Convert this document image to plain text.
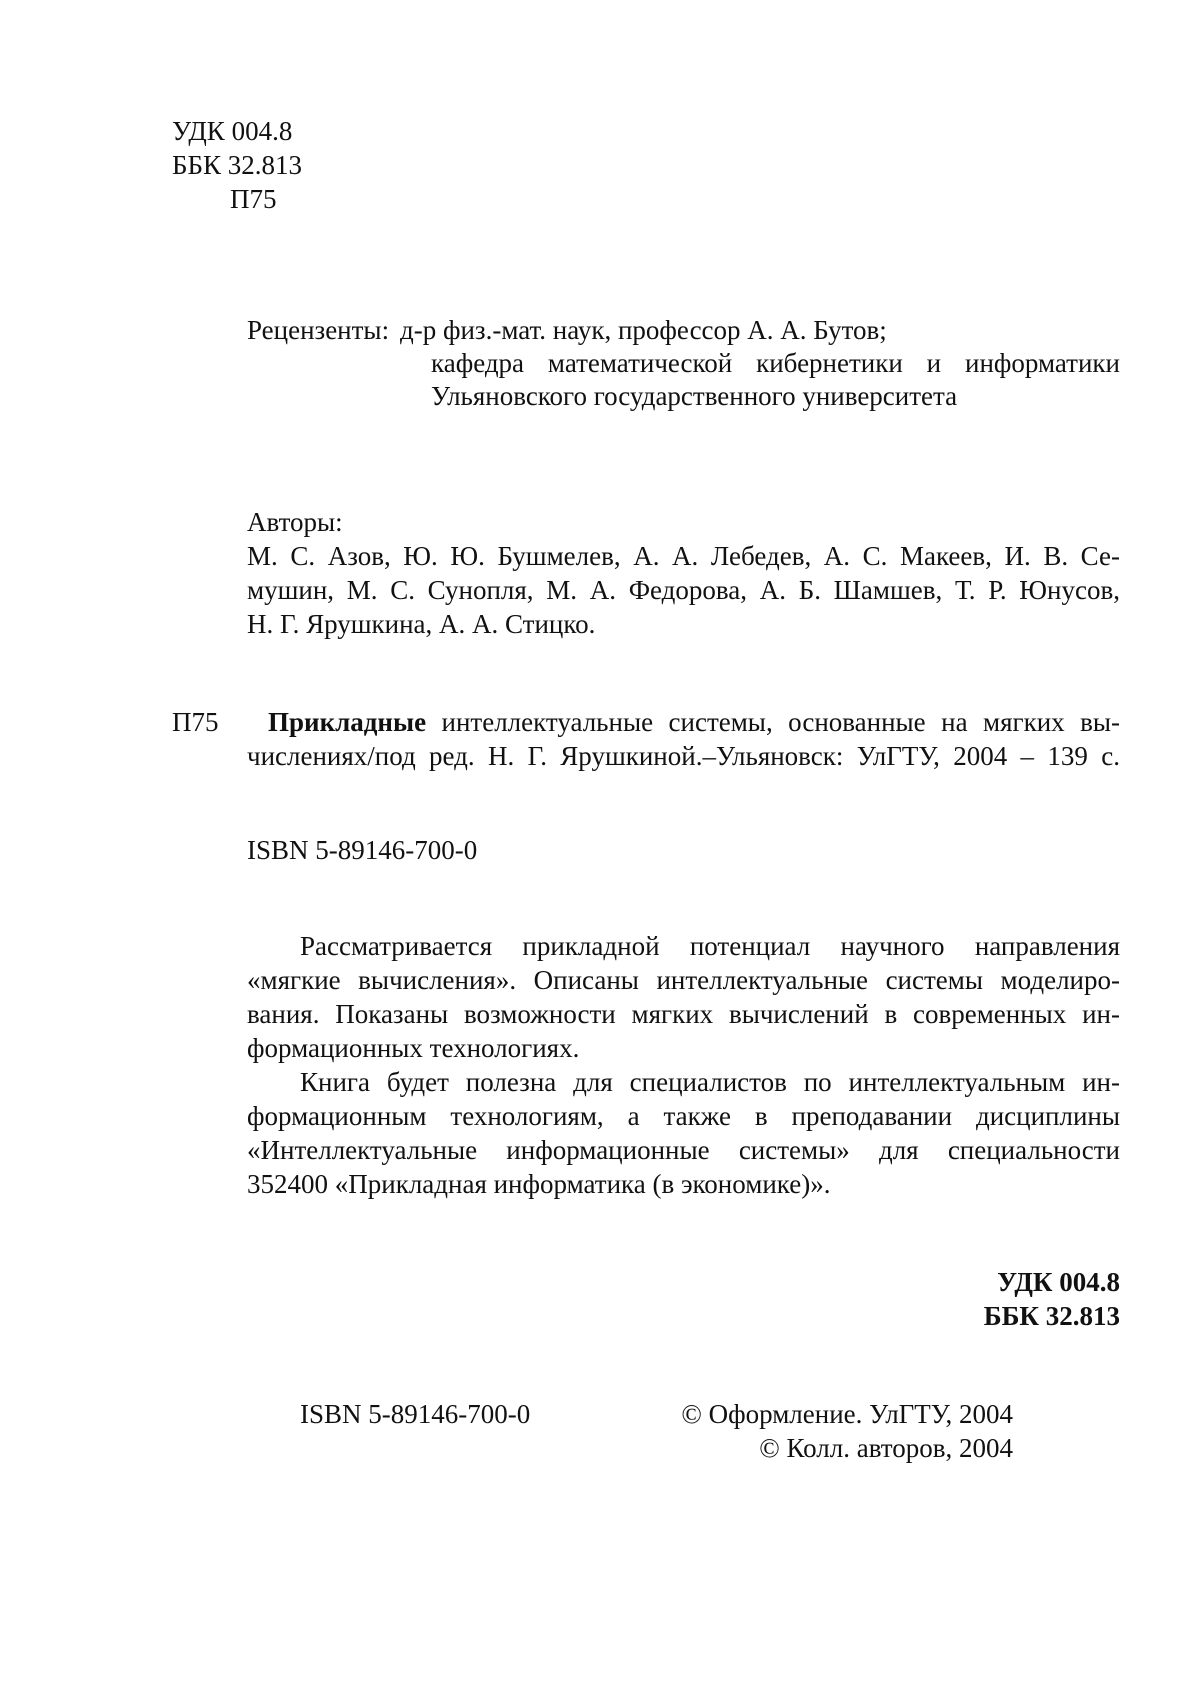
УДК 004.8
ББК 32.813
П75
Рецензенты: д-р физ.-мат. наук, профессор А. А. Бутов;
кафедра математической кибернетики и информатики
Ульяновского государственного университета
Авторы:
М. С. Азов, Ю. Ю. Бушмелев, А. А. Лебедев, А. С. Макеев, И. В. Се-
мушин, М. С. Сунопля, М. А. Федорова, А. Б. Шамшев, Т. Р. Юнусов,
Н. Г. Ярушкина, А. А. Стицко.
П75 Прикладные интеллектуальные системы, основанные на мягких вы-
числениях/под ред. Н. Г. Ярушкиной.–Ульяновск: УлГТУ, 2004 – 139 с.
ISBN 5-89146-700-0
Рассматривается прикладной потенциал научного направления
«мягкие вычисления». Описаны интеллектуальные системы моделиро-
вания. Показаны возможности мягких вычислений в современных ин-
формационных технологиях.
Книга будет полезна для специалистов по интеллектуальным ин-
формационным технологиям, а также в преподавании дисциплины
«Интеллектуальные информационные системы» для специальности
352400 «Прикладная информатика (в экономике)».
УДК 004.8
ББК 32.813
ISBN 5-89146-700-0	© Оформление. УлГТУ, 2004
© Колл. авторов, 2004
